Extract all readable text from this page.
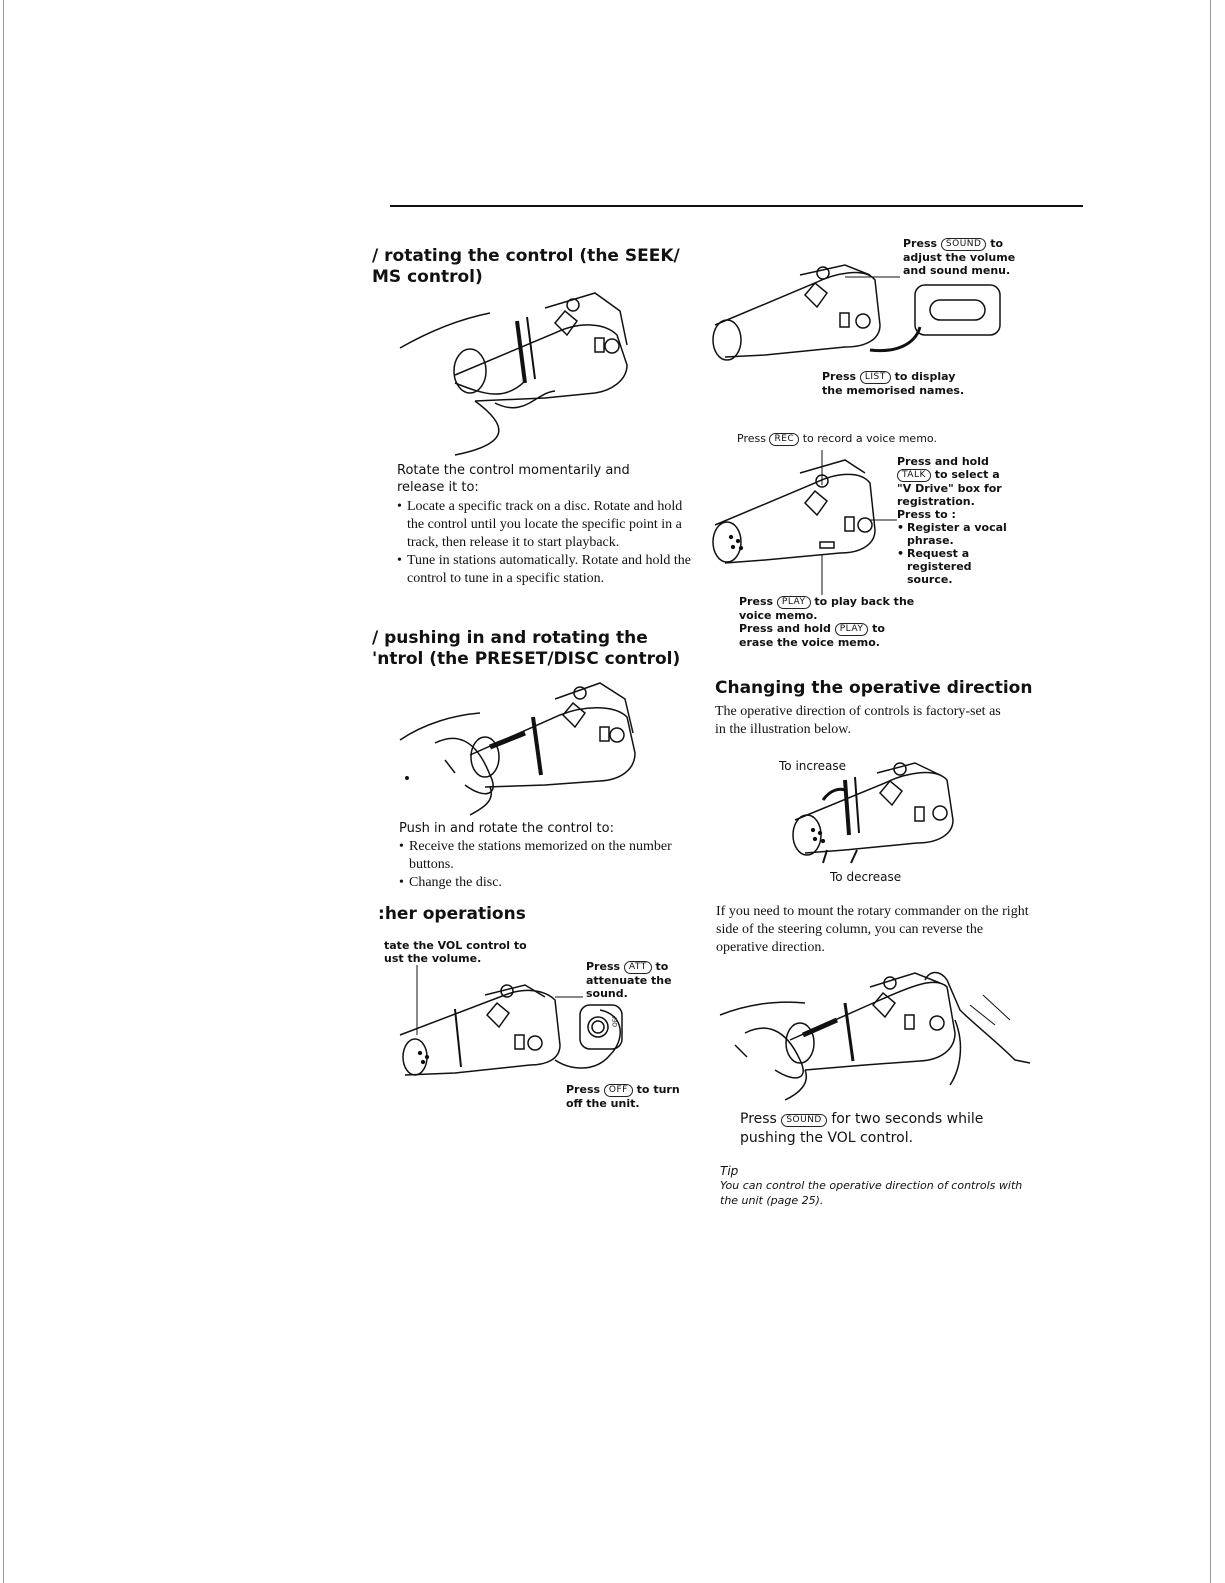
/ rotating the control (the SEEK/

MS control)

Rotate the control momentarily and

release it to:

• Locate a specific track on a disc. Rotate and hold the control until you locate the specific point in a track, then release it to start playback.
• Tune in stations automatically. Rotate and hold the control to tune in a specific station.

/ pushing in and rotating the

'ntrol (the PRESET/DISC control)

Push in and rotate the control to:

• Receive the stations memorized on the number buttons.
• Change the disc.

:her operations

tate the VOL control to

ust the volume.

Press ATT to

attenuate the

sound.

OFF

Press OFF to turn

off the unit.

Press SOUND to

adjust the volume

and sound menu.

Press LIST to display

the memorised names.

Press REC to record a voice memo.

Press and hold

TALK to select a

"V Drive" box for

registration.

Press to :

• Register a vocal phrase.
• Request a registered source.

Press PLAY to play back the

voice memo.

Press and hold PLAY to

erase the voice memo.

Changing the operative direction

The operative direction of controls is factory-set as in the illustration below.

To increase

To decrease

If you need to mount the rotary commander on the right side of the steering column, you can reverse the operative direction.

Press SOUND for two seconds while

pushing the VOL control.

Tip

You can control the operative direction of controls with the unit (page 25).
